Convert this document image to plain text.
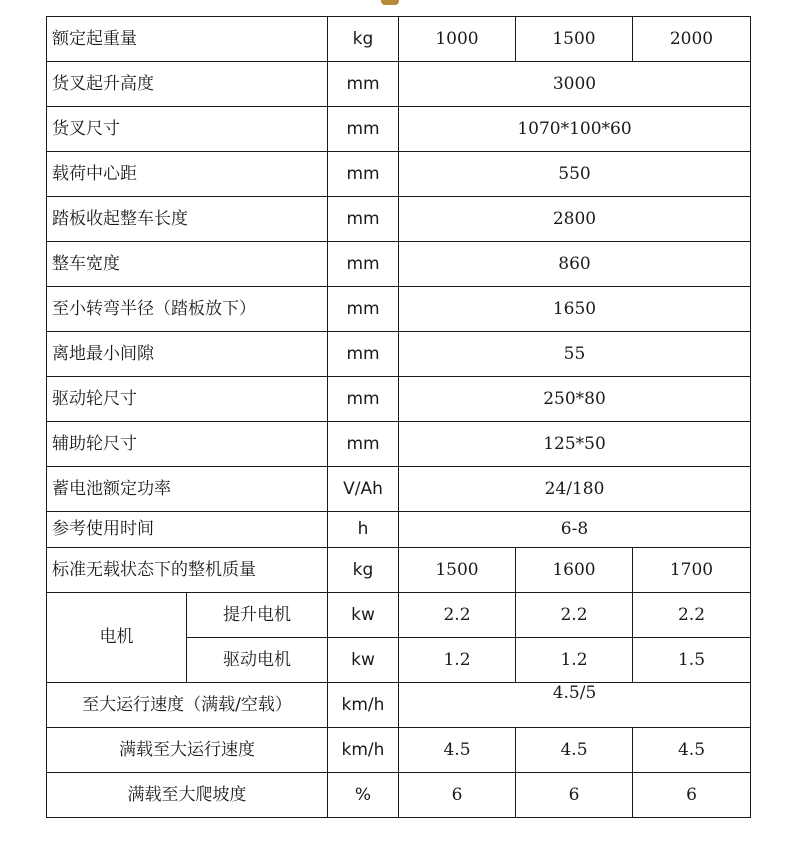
额定起重量		kg	1000	1500	2000
货叉起升高度		mm	3000		
货叉尺寸		mm	1070*100*60		
载荷中心距		mm	550		
踏板收起整车长度		mm	2800		
整车宽度		mm	860		
至小转弯半径（踏板放下）		mm	1650		
离地最小间隙		mm	55		
驱动轮尺寸		mm	250*80		
辅助轮尺寸		mm	125*50		
蓄电池额定功率		V/Ah	24/180		
参考使用时间		h	6-8		
标准无载状态下的整机质量		kg	1500	1600	1700
电机	提升电机	kw	2.2	2.2	2.2
	驱动电机	kw	1.2	1.2	1.5
至大运行速度（满载/空载）		km/h	4.5/5		
满载至大运行速度		km/h	4.5	4.5	4.5
满载至大爬坡度		%	6	6	6
